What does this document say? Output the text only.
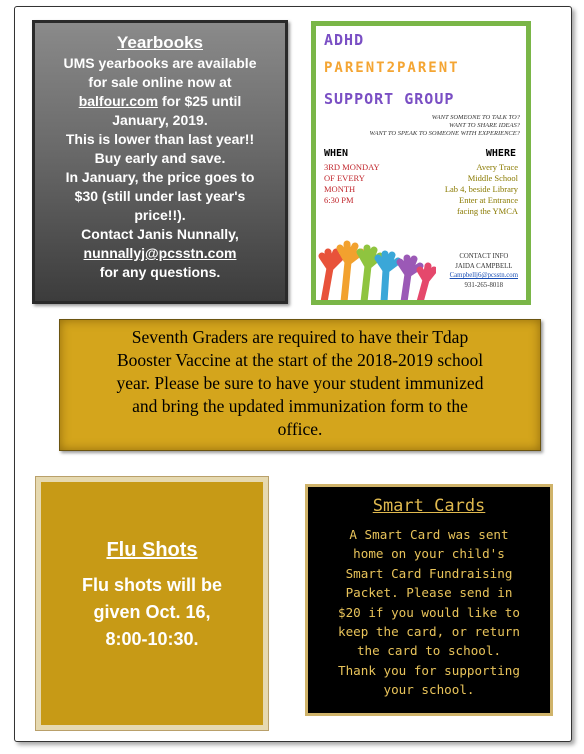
Yearbooks
UMS yearbooks are available
for sale online now at
balfour.com for $25 until
January, 2019.
This is lower than last year!!
Buy early and save.
In January, the price goes to
$30 (still under last year's
price!!).
Contact Janis Nunnally,
nunnallyj@pcsstn.com
for any questions.
ADHD
PARENT2PARENT
SUPPORT GROUP
WANT SOMEONE TO TALK TO?
WANT TO SHARE IDEAS?
WANT TO SPEAK TO SOMEONE WITH EXPERIENCE?
WHEN	WHERE
3RD MONDAY
OF EVERY
MONTH
6:30 PM
Avery Trace
Middle School
Lab 4, beside Library
Enter at Entrance
facing the YMCA
CONTACT INFO
JAIDA CAMPBELL
Campbellj6@pcsstn.com
931-265-8018
Seventh Graders are required to have their Tdap
Booster Vaccine at the start of the 2018-2019 school
year. Please be sure to have your student immunized
and bring the updated immunization form to the
office.
Flu Shots
Flu shots will be
given Oct. 16,
8:00-10:30.
Smart Cards
A Smart Card was sent
home on your child's
Smart Card Fundraising
Packet. Please send in
$20 if you would like to
keep the card, or return
the card to school.
Thank you for supporting
your school.
